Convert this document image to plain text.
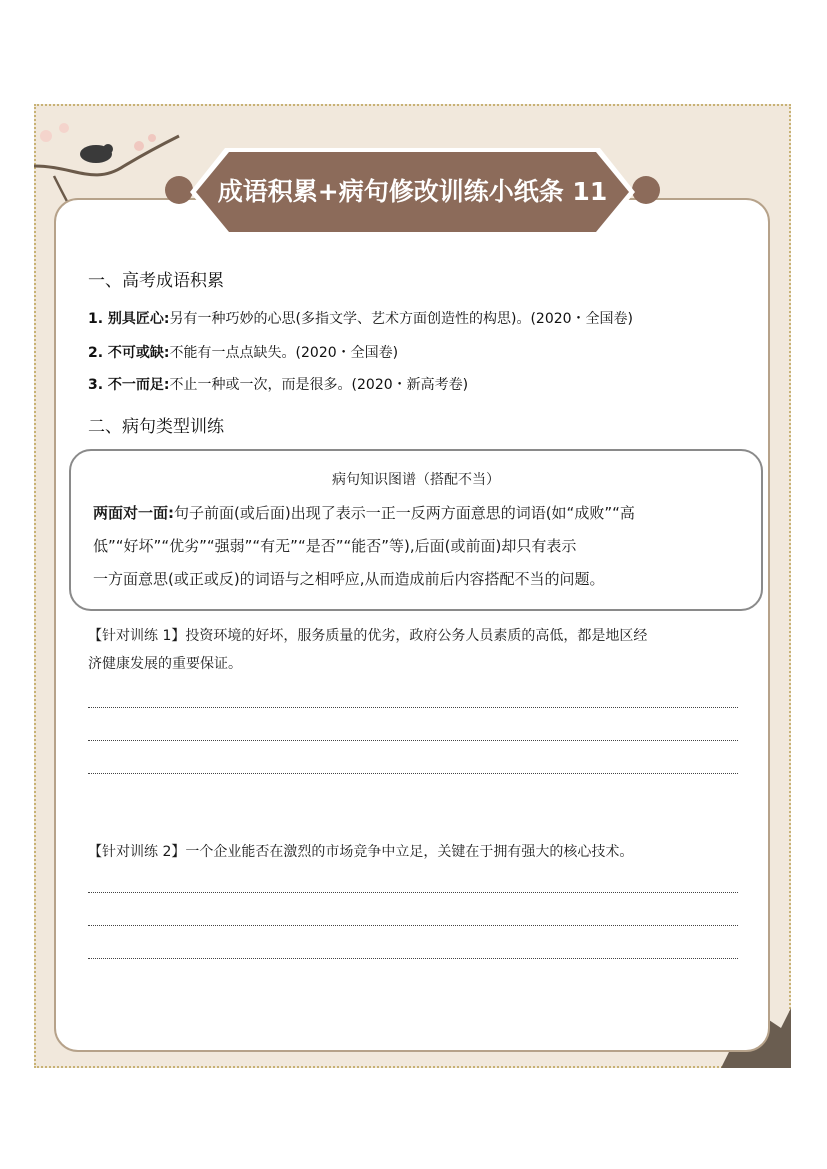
成语积累+病句修改训练小纸条 11
一、高考成语积累
1. 别具匠心:另有一种巧妙的心思(多指文学、艺术方面创造性的构思)。(2020・全国卷)
2. 不可或缺:不能有一点点缺失。(2020・全国卷)
3. 不一而足:不止一种或一次，而是很多。(2020・新高考卷)
二、病句类型训练
病句知识图谱（搭配不当）
两面对一面:句子前面(或后面)出现了表示一正一反两方面意思的词语(如“成败”“高
低”“好坏”“优劣”“强弱”“有无”“是否”“能否”等),后面(或前面)却只有表示
一方面意思(或正或反)的词语与之相呼应,从而造成前后内容搭配不当的问题。
【针对训练 1】投资环境的好坏，服务质量的优劣，政府公务人员素质的高低，都是地区经
济健康发展的重要保证。
【针对训练 2】一个企业能否在激烈的市场竞争中立足，关键在于拥有强大的核心技术。
